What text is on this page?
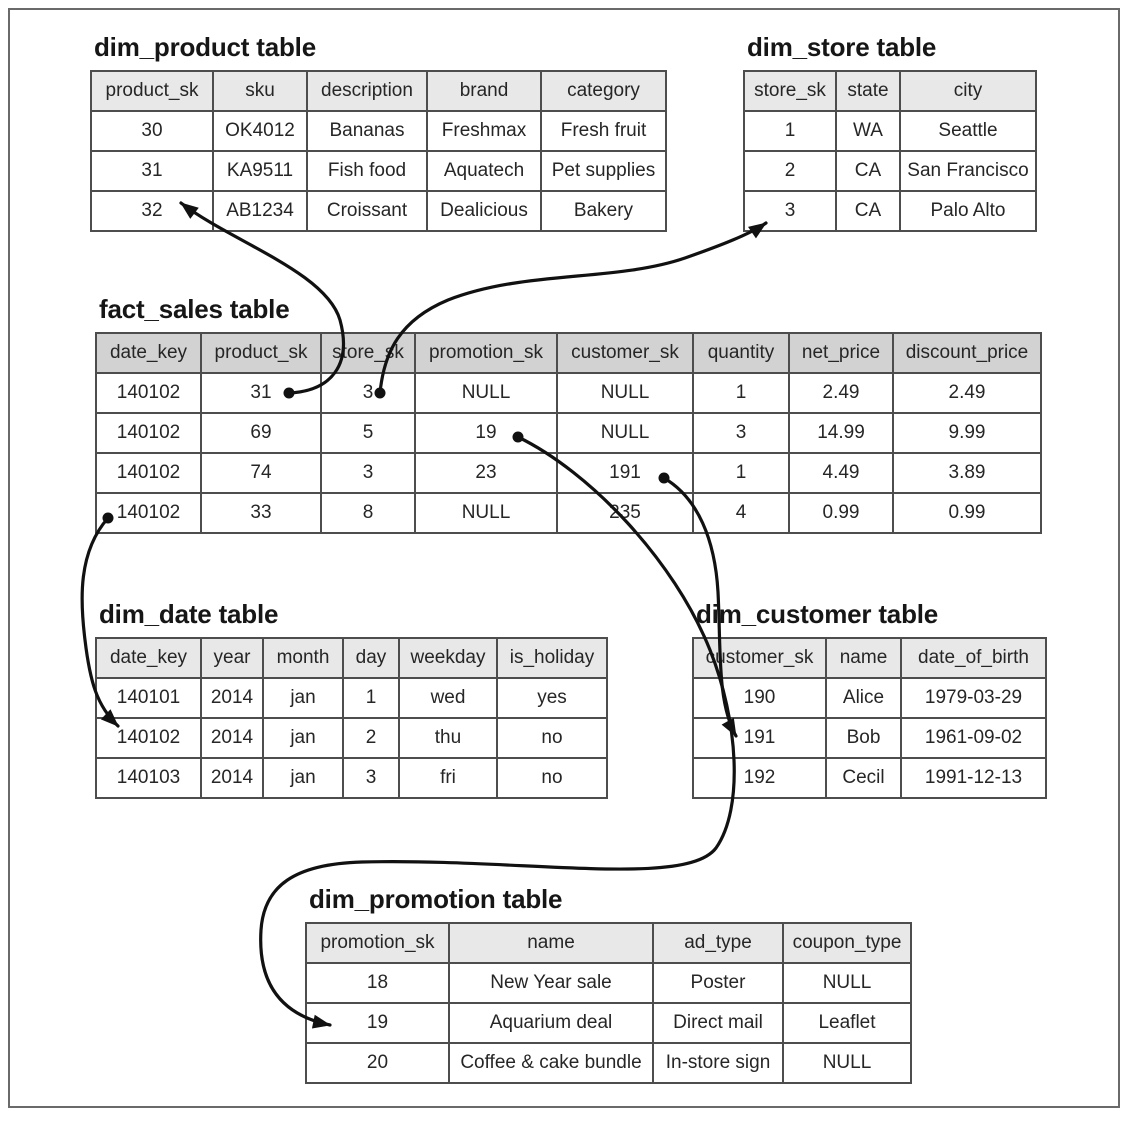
dim_product table
product_sk	sku	description	brand	category
30	OK4012	Bananas	Freshmax	Fresh fruit
31	KA9511	Fish food	Aquatech	Pet supplies
32	AB1234	Croissant	Dealicious	Bakery
dim_store table
store_sk	state	city
1	WA	Seattle
2	CA	San Francisco
3	CA	Palo Alto
fact_sales table
date_key	product_sk	store_sk	promotion_sk	customer_sk	quantity	net_price	discount_price
140102	31	3	NULL	NULL	1	2.49	2.49
140102	69	5	19	NULL	3	14.99	9.99
140102	74	3	23	191	1	4.49	3.89
140102	33	8	NULL	235	4	0.99	0.99
dim_date table
date_key	year	month	day	weekday	is_holiday
140101	2014	jan	1	wed	yes
140102	2014	jan	2	thu	no
140103	2014	jan	3	fri	no
dim_customer table
customer_sk	name	date_of_birth
190	Alice	1979-03-29
191	Bob	1961-09-02
192	Cecil	1991-12-13
dim_promotion table
promotion_sk	name	ad_type	coupon_type
18	New Year sale	Poster	NULL
19	Aquarium deal	Direct mail	Leaflet
20	Coffee & cake bundle	In-store sign	NULL
